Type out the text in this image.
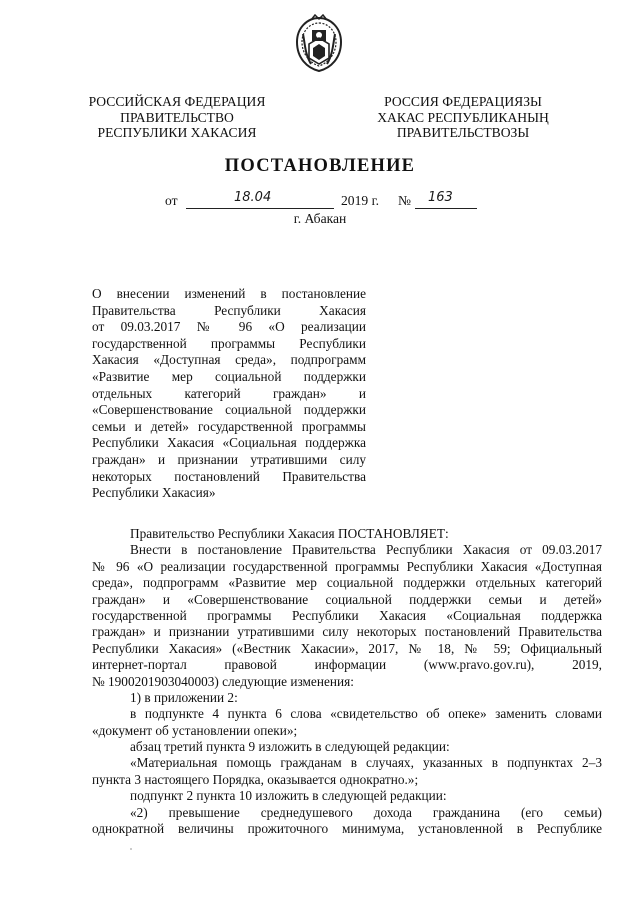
РОССИЙСКАЯ ФЕДЕРАЦИЯ
ПРАВИТЕЛЬСТВО
РЕСПУБЛИКИ ХАКАСИЯ
РОССИЯ ФЕДЕРАЦИЯЗЫ
ХАКАС РЕСПУБЛИКАНЫҢ
ПРАВИТЕЛЬСТВОЗЫ
ПОСТАНОВЛЕНИЕ
от	18.04	2019 г. № 163
г. Абакан
О внесении изменений в постановление
Правительства Республики Хакасия
от 09.03.2017 № 96 «О реализации
государственной программы Республики
Хакасия «Доступная среда», подпрограмм
«Развитие мер социальной поддержки
отдельных категорий граждан» и
«Совершенствование социальной поддержки
семьи и детей» государственной программы
Республики Хакасия «Социальная поддержка
граждан» и признании утратившими силу
некоторых постановлений Правительства
Республики Хакасия»
Правительство Республики Хакасия ПОСТАНОВЛЯЕТ:
Внести в постановление Правительства Республики Хакасия от 09.03.2017
№ 96 «О реализации государственной программы Республики Хакасия «Доступная
среда», подпрограмм «Развитие мер социальной поддержки отдельных категорий
граждан» и «Совершенствование социальной поддержки семьи и детей»
государственной программы Республики Хакасия «Социальная поддержка
граждан» и признании утратившими силу некоторых постановлений Правительства
Республики Хакасия» («Вестник Хакасии», 2017, № 18, № 59; Официальный
интернет-портал правовой информации (www.pravo.gov.ru), 2019,
№ 1900201903040003) следующие изменения:
1) в приложении 2:
в подпункте 4 пункта 6 слова «свидетельство об опеке» заменить словами
«документ об установлении опеки»;
абзац третий пункта 9 изложить в следующей редакции:
«Материальная помощь гражданам в случаях, указанных в подпунктах 2–3
пункта 3 настоящего Порядка, оказывается однократно.»;
подпункт 2 пункта 10 изложить в следующей редакции:
«2) превышение среднедушевого дохода гражданина (его семьи)
однократной величины прожиточного минимума, установленной в Республике
